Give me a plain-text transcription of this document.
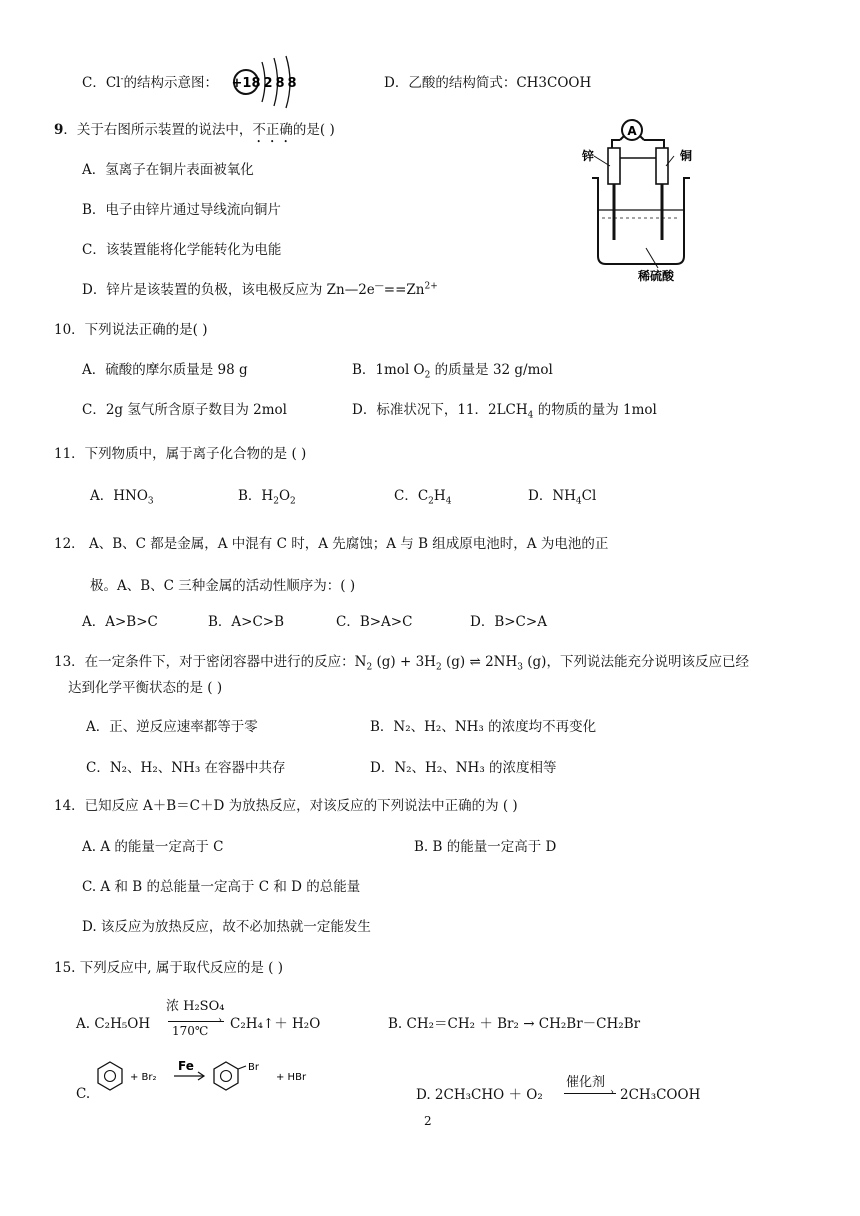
C．Cl-的结构示意图： +18 2 8 8	D．乙酸的结构简式：CH3COOH
9．关于右图所示装置的说法中，不正确的是( )
A．氢离子在铜片表面被氧化
B．电子由锌片通过导线流向铜片
C．该装置能将化学能转化为电能
D．锌片是该装置的负极，该电极反应为 $Zn—2e^—==Zn^{2+}$
A
锌	铜
稀硫酸
10．下列说法正确的是( )
A．硫酸的摩尔质量是 98 g	B．1mol $O_2$ 的质量是 32 g/mol
C．2g 氢气所含原子数目为 2mol	D．标准状况下，11．$2LCH_4$ 的物质的量为 1mol
11．下列物质中，属于离子化合物的是 ( )
A．$HNO_3$	B．$H_2O_2$	C．$C_2H_4$	D．$NH_4Cl$
12． A、B、C 都是金属，A 中混有 C 时，A 先腐蚀；A 与 B 组成原电池时，A 为电池的正
极。A、B、C 三种金属的活动性顺序为：( )
A．A>B>C	B．A>C>B	C．B>A>C	D．B>C>A
13．在一定条件下，对于密闭容器中进行的反应：$N_2$ $(g) + 3H_2$ (g) ⇌ $2NH_3$ (g)，下列说法能充分说明该反应已经
达到化学平衡状态的是 ( )
A．正、逆反应速率都等于零	B．N₂、H₂、NH₃ 的浓度均不再变化
C．N₂、H₂、NH₃ 在容器中共存	D．N₂、H₂、NH₃ 的浓度相等
14．已知反应 A＋B＝C＋D 为放热反应，对该反应的下列说法中正确的为 ( )
A. A 的能量一定高于 C	B. B 的能量一定高于 D
C. A 和 B 的总能量一定高于 C 和 D 的总能量
D. 该反应为放热反应，故不必加热就一定能发生
15. 下列反应中, 属于取代反应的是 ( )
A. C₂H₅OH
浓 H₂SO₄
›
170℃ C₂H₄↑＋ H₂O	B. CH₂＝CH₂ ＋ Br₂ → CH₂Br－CH₂Br
C.
+ Br₂
Fe	Br
+ HBr
D. 2CH₃CHO ＋ O₂
催化剂
› 2CH₃COOH
2
